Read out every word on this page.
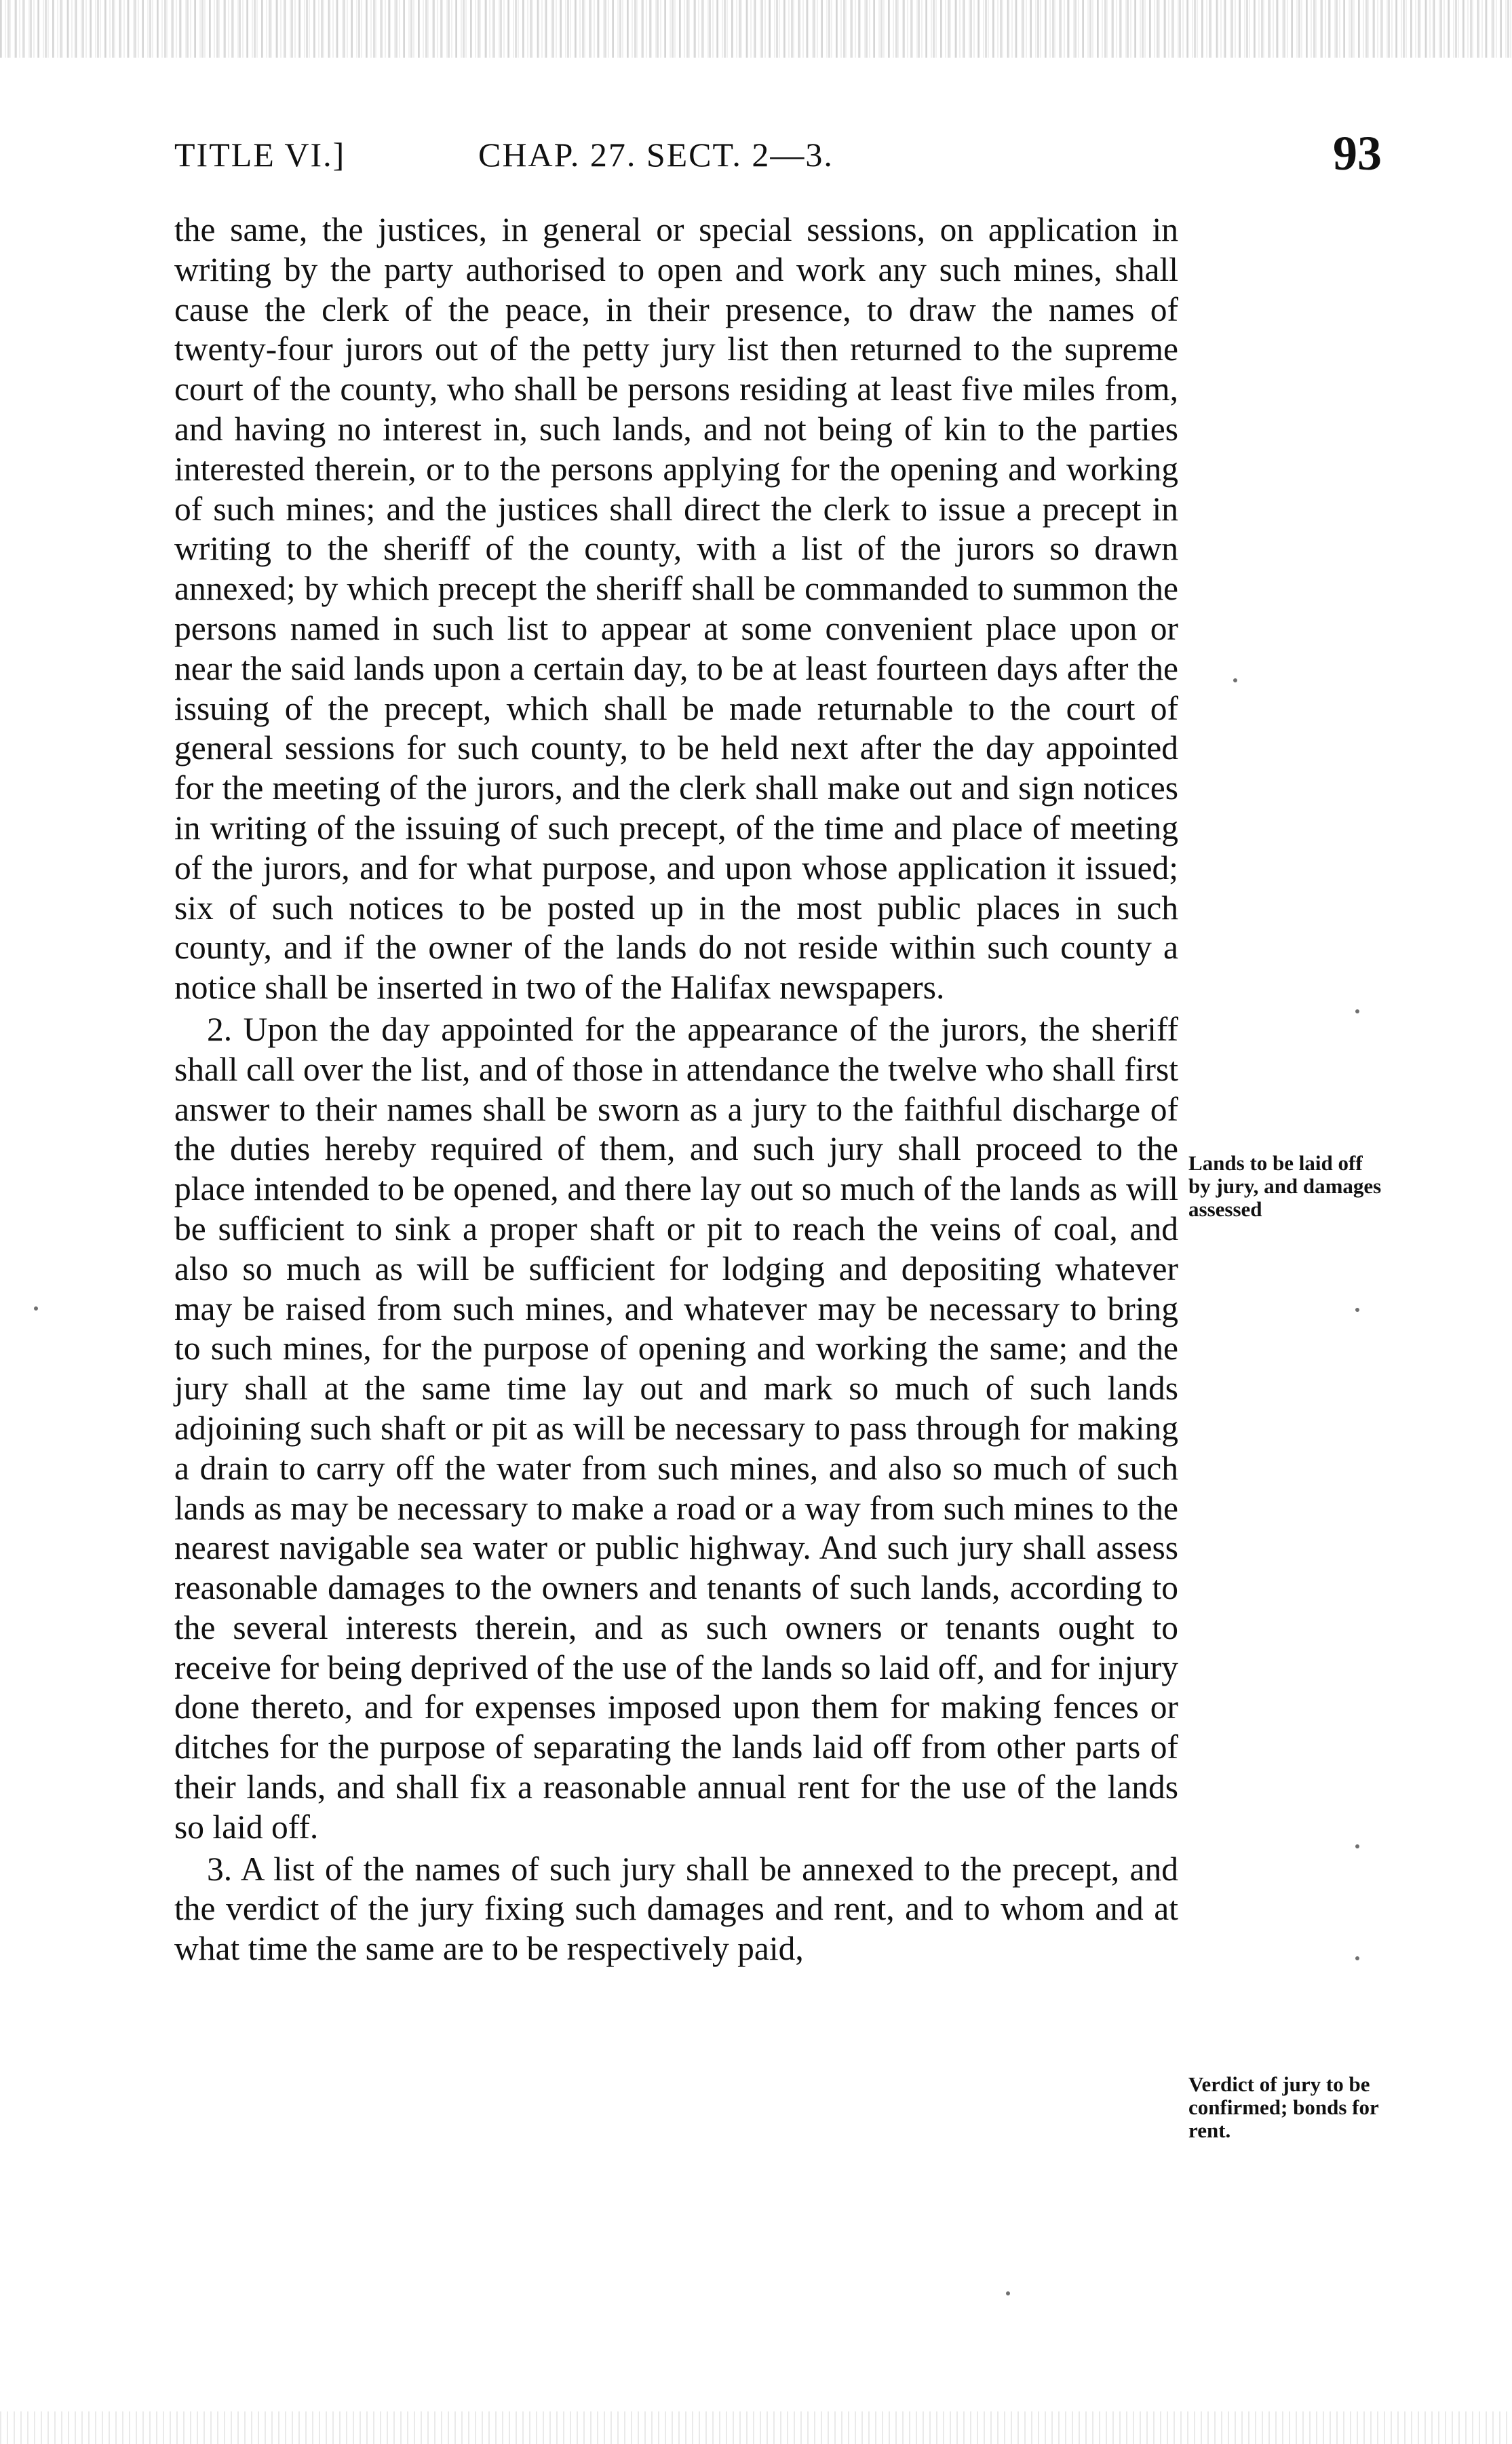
TITLE VI.]	CHAP. 27. SECT. 2—3.	93

the same, the justices, in general or special sessions, on application in writing by the party authorised to open and work any such mines, shall cause the clerk of the peace, in their presence, to draw the names of twenty-four jurors out of the petty jury list then returned to the supreme court of the county, who shall be persons residing at least five miles from, and having no interest in, such lands, and not being of kin to the parties interested therein, or to the persons applying for the opening and working of such mines; and the justices shall direct the clerk to issue a precept in writing to the sheriff of the county, with a list of the jurors so drawn annexed; by which precept the sheriff shall be commanded to summon the persons named in such list to appear at some convenient place upon or near the said lands upon a certain day, to be at least fourteen days after the issuing of the precept, which shall be made returnable to the court of general sessions for such county, to be held next after the day appointed for the meeting of the jurors, and the clerk shall make out and sign notices in writing of the issuing of such precept, of the time and place of meeting of the jurors, and for what purpose, and upon whose application it issued; six of such notices to be posted up in the most public places in such county, and if the owner of the lands do not reside within such county a notice shall be inserted in two of the Halifax newspapers.

2. Upon the day appointed for the appearance of the jurors, the sheriff shall call over the list, and of those in attendance the twelve who shall first answer to their names shall be sworn as a jury to the faithful discharge of the duties hereby required of them, and such jury shall proceed to the place intended to be opened, and there lay out so much of the lands as will be sufficient to sink a proper shaft or pit to reach the veins of coal, and also so much as will be sufficient for lodging and depositing whatever may be raised from such mines, and whatever may be necessary to bring to such mines, for the purpose of opening and working the same; and the jury shall at the same time lay out and mark so much of such lands adjoining such shaft or pit as will be necessary to pass through for making a drain to carry off the water from such mines, and also so much of such lands as may be necessary to make a road or a way from such mines to the nearest navigable sea water or public highway. And such jury shall assess reasonable damages to the owners and tenants of such lands, according to the several interests therein, and as such owners or tenants ought to receive for being deprived of the use of the lands so laid off, and for injury done thereto, and for expenses imposed upon them for making fences or ditches for the purpose of separating the lands laid off from other parts of their lands, and shall fix a reasonable annual rent for the use of the lands so laid off.

3. A list of the names of such jury shall be annexed to the precept, and the verdict of the jury fixing such damages and rent, and to whom and at what time the same are to be respectively paid,

Lands to be laid off by jury, and damages assessed
Verdict of jury to be confirmed; bonds for rent.
